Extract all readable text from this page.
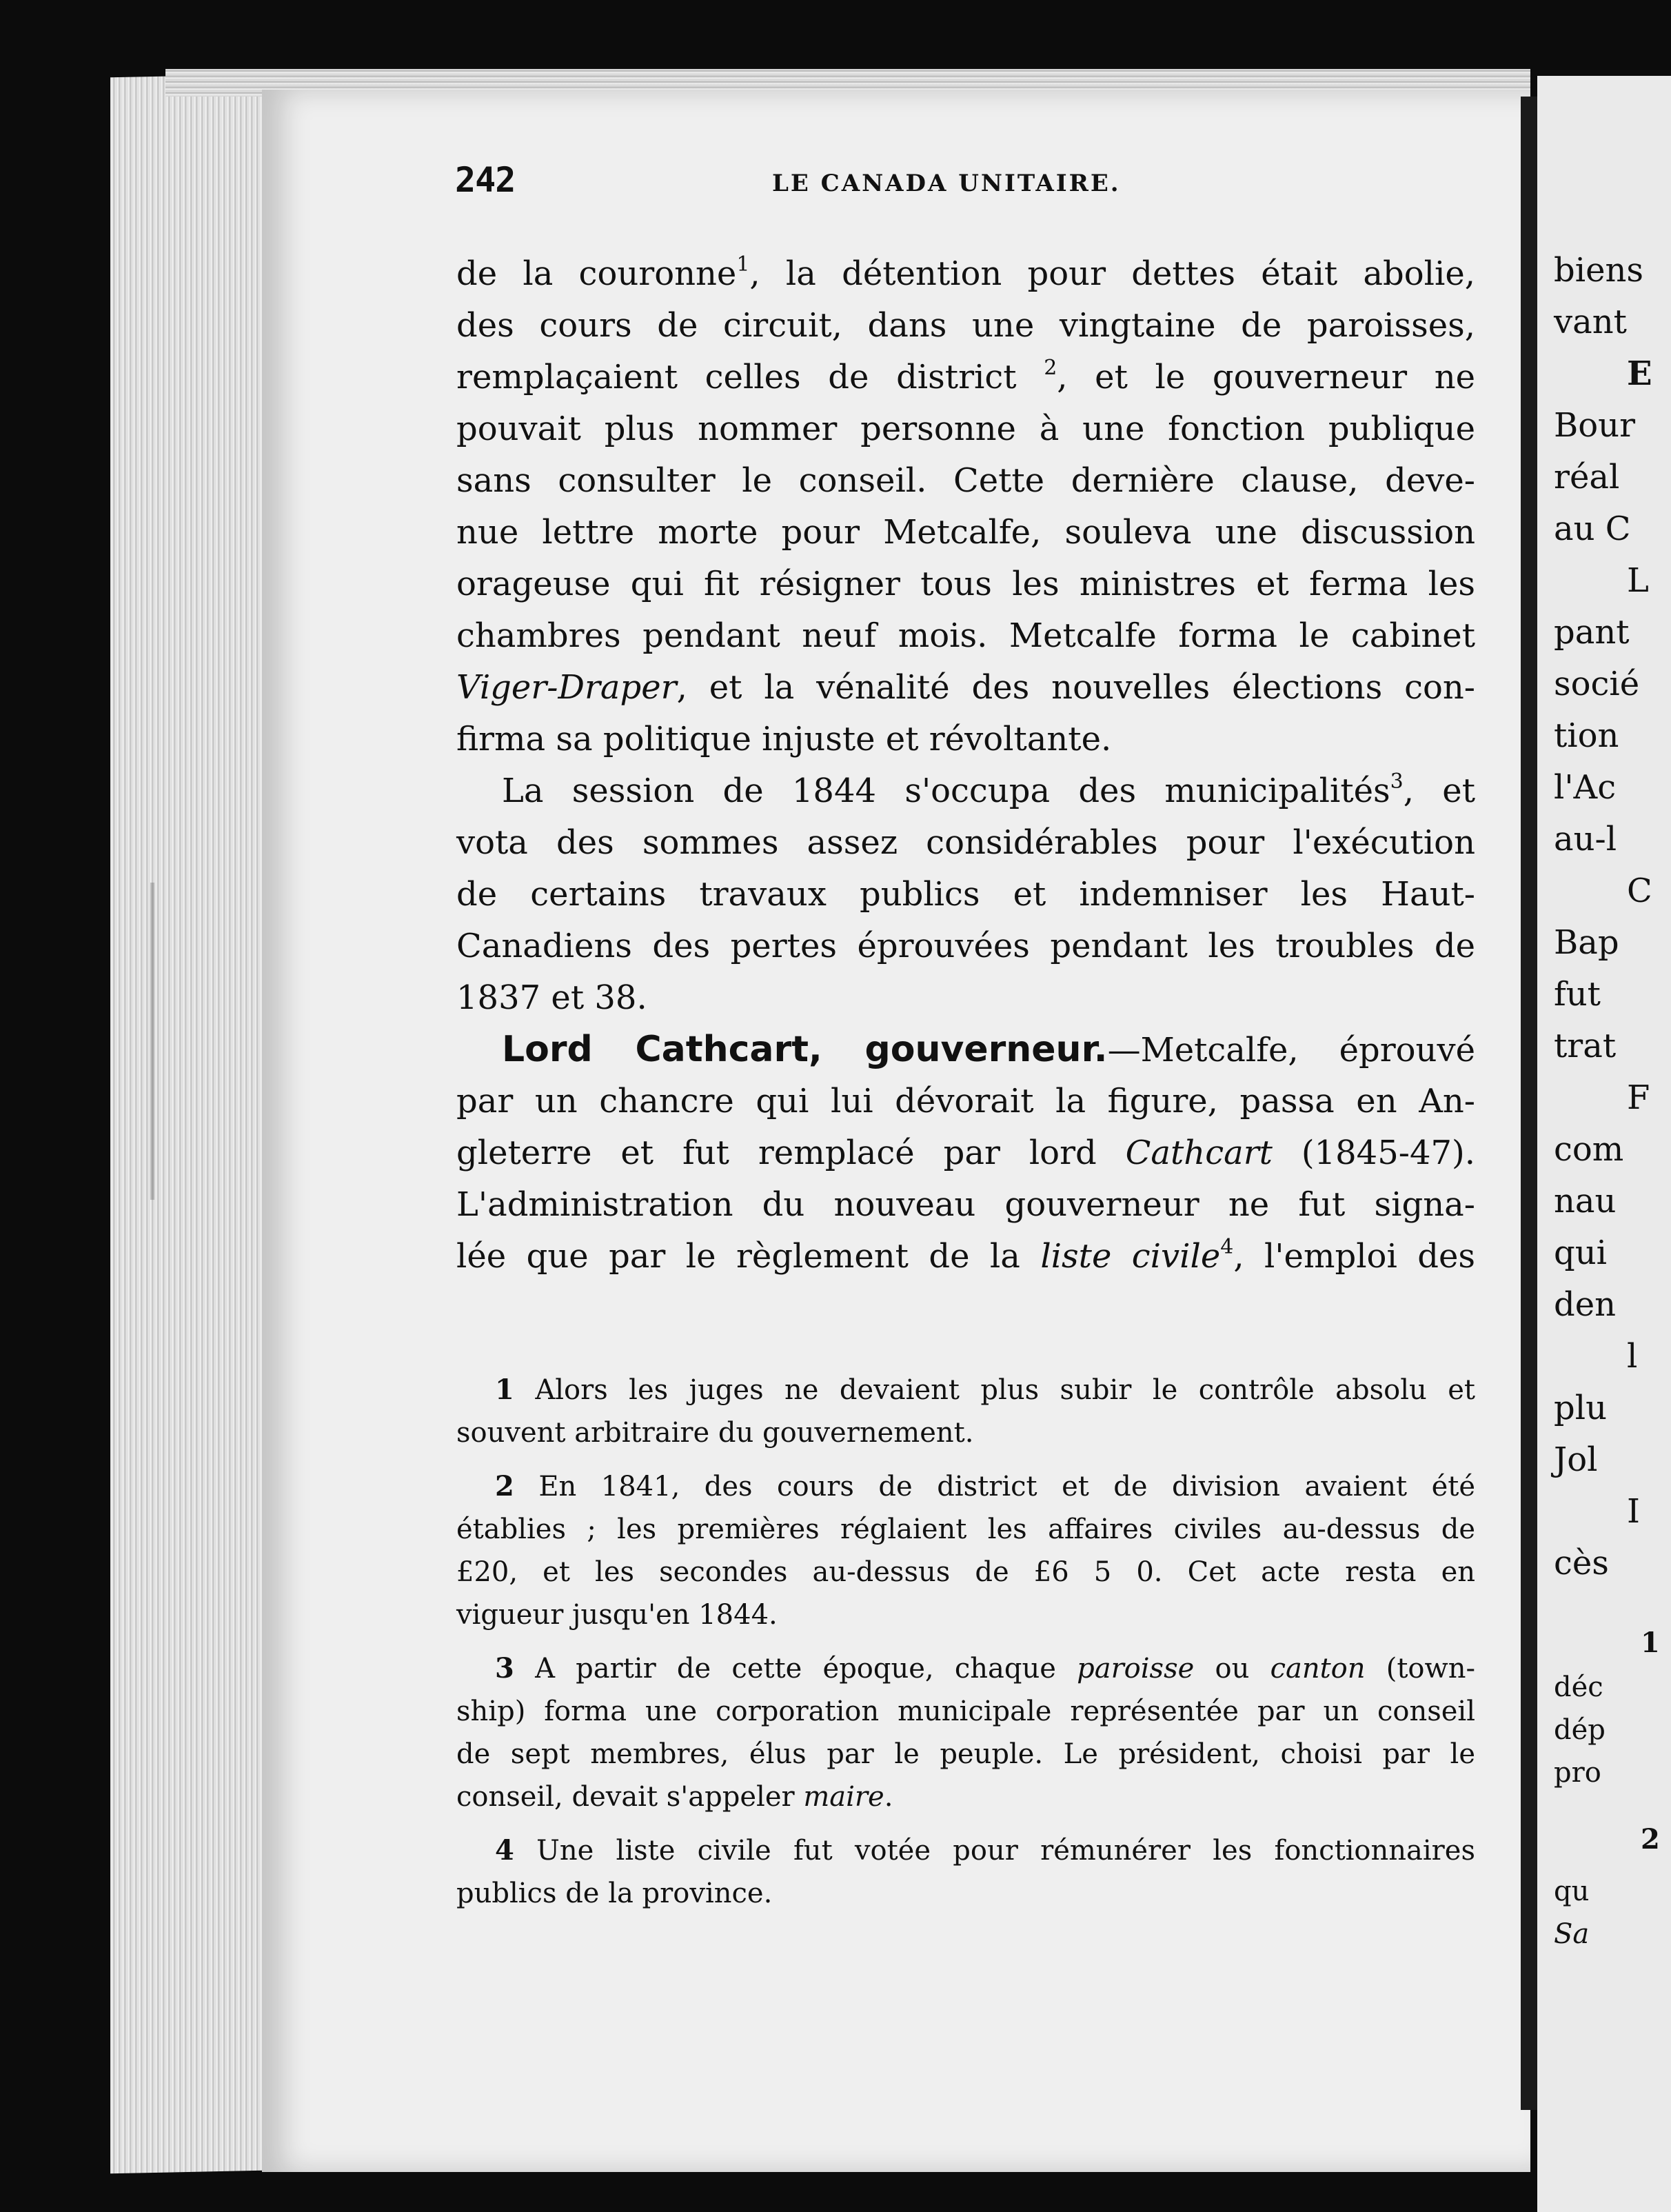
242	LE CANADA UNITAIRE.
de la couronne$^1$, la détention pour dettes était abolie,
des cours de circuit, dans une vingtaine de paroisses,
remplaçaient celles de district $^2$, et le gouverneur ne
pouvait plus nommer personne à une fonction publique
sans consulter le conseil. Cette dernière clause, deve-
nue lettre morte pour Metcalfe, souleva une discussion
orageuse qui fit résigner tous les ministres et ferma les
chambres pendant neuf mois. Metcalfe forma le cabinet
Viger-Draper, et la vénalité des nouvelles élections con-
firma sa politique injuste et révoltante.
La session de 1844 s'occupa des municipalités$^3$, et
vota des sommes assez considérables pour l'exécution
de certains travaux publics et indemniser les Haut-
Canadiens des pertes éprouvées pendant les troubles de
1837 et 38.
Lord Cathcart, gouverneur.—Metcalfe, éprouvé
par un chancre qui lui dévorait la figure, passa en An-
gleterre et fut remplacé par lord Cathcart (1845-47).
L'administration du nouveau gouverneur ne fut signa-
lée que par le règlement de la liste civile$^4$, l'emploi des
1 Alors les juges ne devaient plus subir le contrôle absolu et
souvent arbitraire du gouvernement.
2 En 1841, des cours de district et de division avaient été
établies ; les premières réglaient les affaires civiles au-dessus de
£20, et les secondes au-dessus de £6 5 0. Cet acte resta en
vigueur jusqu'en 1844.
3 A partir de cette époque, chaque paroisse ou canton (town-
ship) forma une corporation municipale représentée par un conseil
de sept membres, élus par le peuple. Le président, choisi par le
conseil, devait s'appeler maire.
4 Une liste civile fut votée pour rémunérer les fonctionnaires
publics de la province.
biens
vant
E
Bour
réal
au C
L
pant
socié
tion
l'Ac
au-l
C
Bap
fut
trat
F
com
nau
qui
den
l
plu
Jol
I
cès
1
déc
dép
pro
2
qu
Sa
